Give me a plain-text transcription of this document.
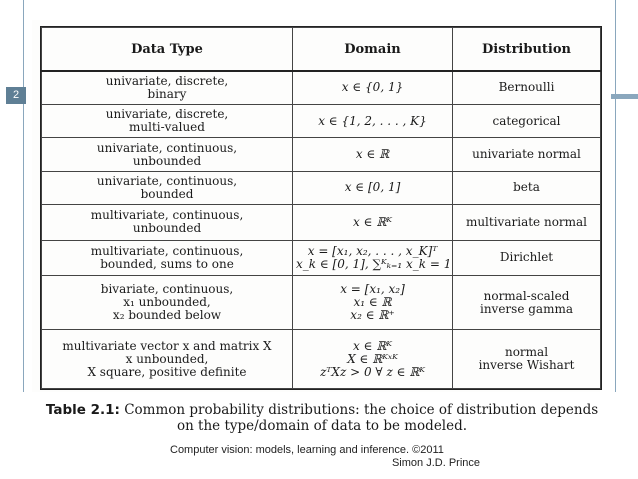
2
Data Type	Domain	Distribution

univariate, discrete,
binary	x ∈ {0, 1}	Bernoulli

univariate, discrete,
multi-valued	x ∈ {1, 2, . . . , K}	categorical

univariate, continuous,
unbounded	x ∈ ℝ	univariate normal

univariate, continuous,
bounded	x ∈ [0, 1]	beta

multivariate, continuous,
unbounded	x ∈ ℝᴷ	multivariate normal

multivariate, continuous,
bounded, sums to one	x = [x₁, x₂, . . . , x_K]ᵀ
x_k ∈ [0, 1], ∑ᴷₖ₌₁ x_k = 1	Dirichlet

bivariate, continuous,
x₁ unbounded,
x₂ bounded below	x = [x₁, x₂]
x₁ ∈ ℝ
x₂ ∈ ℝ⁺	normal-scaled
inverse gamma

multivariate vector x and matrix X
x unbounded,
X square, positive definite	x ∈ ℝᴷ
X ∈ ℝᴷˣᴷ
zᵀXz > 0 ∀ z ∈ ℝᴷ	normal
inverse Wishart
Table 2.1: Common probability distributions: the choice of distribution depends on the type/domain of data to be modeled.
Computer vision: models, learning and inference. ©2011
Simon J.D. Prince
